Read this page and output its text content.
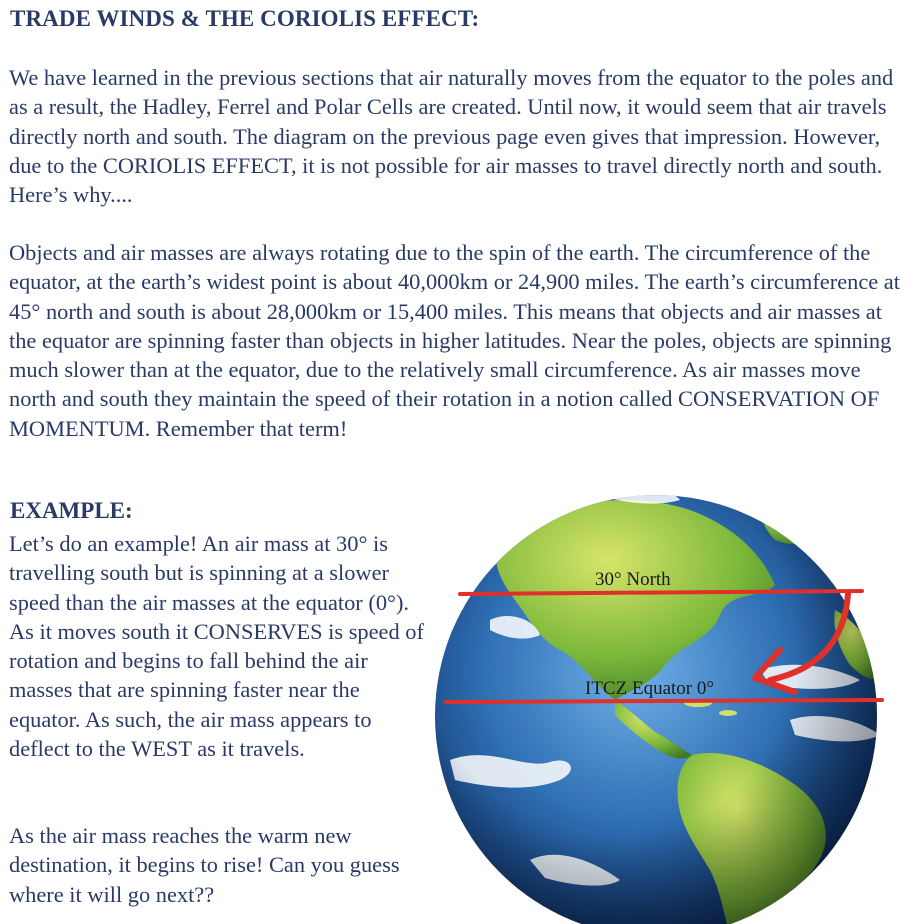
TRADE WINDS & THE CORIOLIS EFFECT:

We have learned in the previous sections that air naturally moves from the equator to the poles and as a result, the Hadley, Ferrel and Polar Cells are created. Until now, it would seem that air travels directly north and south. The diagram on the previous page even gives that impression. However, due to the CORIOLIS EFFECT, it is not possible for air masses to travel directly north and south. Here’s why....

Objects and air masses are always rotating due to the spin of the earth. The circumference of the equator, at the earth’s widest point is about 40,000km or 24,900 miles. The earth’s circumference at 45° north and south is about 28,000km or 15,400 miles. This means that objects and air masses at the equator are spinning faster than objects in higher latitudes. Near the poles, objects are spinning much slower than at the equator, due to the relatively small circumference. As air masses move north and south they maintain the speed of their rotation in a notion called CONSERVATION OF MOMENTUM. Remember that term!

EXAMPLE:

Let’s do an example! An air mass at 30° is travelling south but is spinning at a slower speed than the air masses at the equator (0°). As it moves south it CONSERVES is speed of rotation and begins to fall behind the air masses that are spinning faster near the equator. As such, the air mass appears to deflect to the WEST as it travels.

As the air mass reaches the warm new destination, it begins to rise! Can you guess where it will go next??

30° North
ITCZ Equator 0°
